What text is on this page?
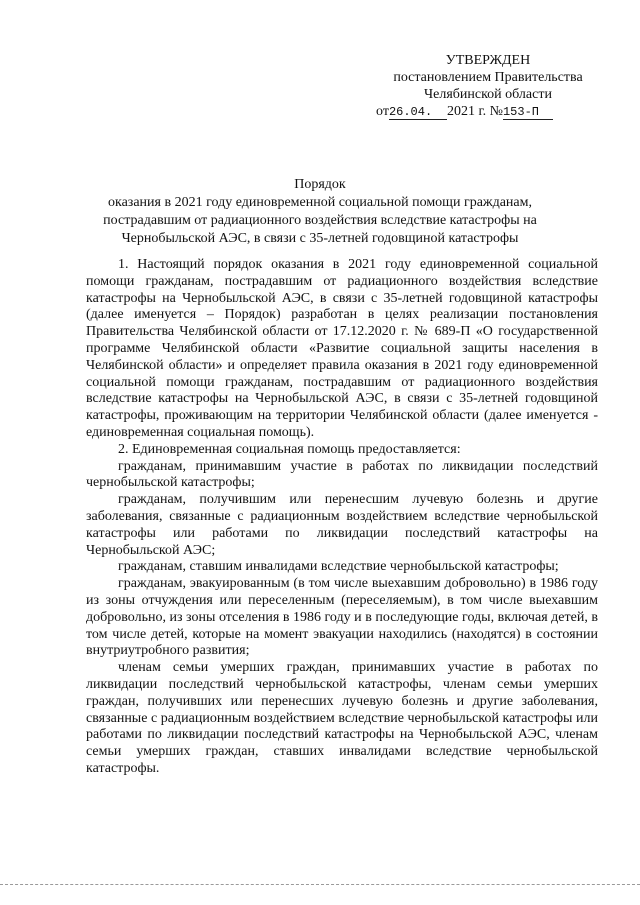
УТВЕРЖДЕН
постановлением Правительства
Челябинской области
от26.04. 2021 г. №153-П
Порядок
оказания в 2021 году единовременной социальной помощи гражданам,
пострадавшим от радиационного воздействия вследствие катастрофы на
Чернобыльской АЭС, в связи с 35-летней годовщиной катастрофы

1. Настоящий порядок оказания в 2021 году единовременной социальной помощи гражданам, пострадавшим от радиационного воздействия вследствие катастрофы на Чернобыльской АЭС, в связи с 35-летней годовщиной катастрофы (далее именуется – Порядок) разработан в целях реализации постановления Правительства Челябинской области от 17.12.2020 г. № 689-П «О государственной программе Челябинской области «Развитие социальной защиты населения в Челябинской области» и определяет правила оказания в 2021 году единовременной социальной помощи гражданам, пострадавшим от радиационного воздействия вследствие катастрофы на Чернобыльской АЭС, в связи с 35-летней годовщиной катастрофы, проживающим на территории Челябинской области (далее именуется - единовременная социальная помощь).

2. Единовременная социальная помощь предоставляется:

гражданам, принимавшим участие в работах по ликвидации последствий чернобыльской катастрофы;

гражданам, получившим или перенесшим лучевую болезнь и другие заболевания, связанные с радиационным воздействием вследствие чернобыльской катастрофы или работами по ликвидации последствий катастрофы на Чернобыльской АЭС;

гражданам, ставшим инвалидами вследствие чернобыльской катастрофы;

гражданам, эвакуированным (в том числе выехавшим добровольно) в 1986 году из зоны отчуждения или переселенным (переселяемым), в том числе выехавшим добровольно, из зоны отселения в 1986 году и в последующие годы, включая детей, в том числе детей, которые на момент эвакуации находились (находятся) в состоянии внутриутробного развития;

членам семьи умерших граждан, принимавших участие в работах по ликвидации последствий чернобыльской катастрофы, членам семьи умерших граждан, получивших или перенесших лучевую болезнь и другие заболевания, связанные с радиационным воздействием вследствие чернобыльской катастрофы или работами по ликвидации последствий катастрофы на Чернобыльской АЭС, членам семьи умерших граждан, ставших инвалидами вследствие чернобыльской катастрофы.
